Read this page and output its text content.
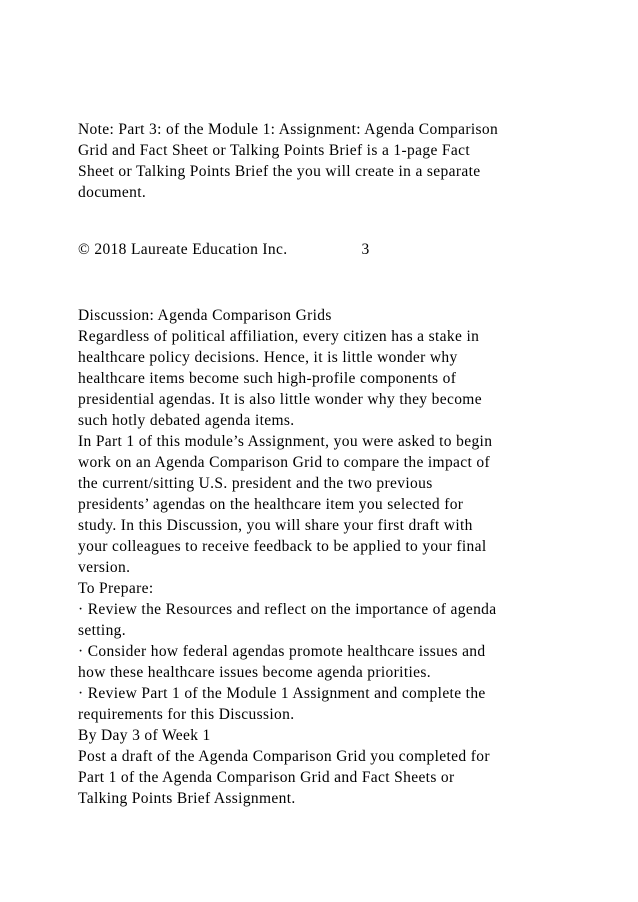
Note: Part 3: of the Module 1: Assignment: Agenda Comparison
Grid and Fact Sheet or Talking Points Brief is a 1-page Fact
Sheet or Talking Points Brief the you will create in a separate
document.
© 2018 Laureate Education Inc.	3
Discussion: Agenda Comparison Grids
Regardless of political affiliation, every citizen has a stake in
healthcare policy decisions. Hence, it is little wonder why
healthcare items become such high-profile components of
presidential agendas. It is also little wonder why they become
such hotly debated agenda items.
In Part 1 of this module’s Assignment, you were asked to begin
work on an Agenda Comparison Grid to compare the impact of
the current/sitting U.S. president and the two previous
presidents’ agendas on the healthcare item you selected for
study. In this Discussion, you will share your first draft with
your colleagues to receive feedback to be applied to your final
version.
To Prepare:
· Review the Resources and reflect on the importance of agenda
setting.
· Consider how federal agendas promote healthcare issues and
how these healthcare issues become agenda priorities.
· Review Part 1 of the Module 1 Assignment and complete the
requirements for this Discussion.
By Day 3 of Week 1
Post a draft of the Agenda Comparison Grid you completed for
Part 1 of the Agenda Comparison Grid and Fact Sheets or
Talking Points Brief Assignment.
